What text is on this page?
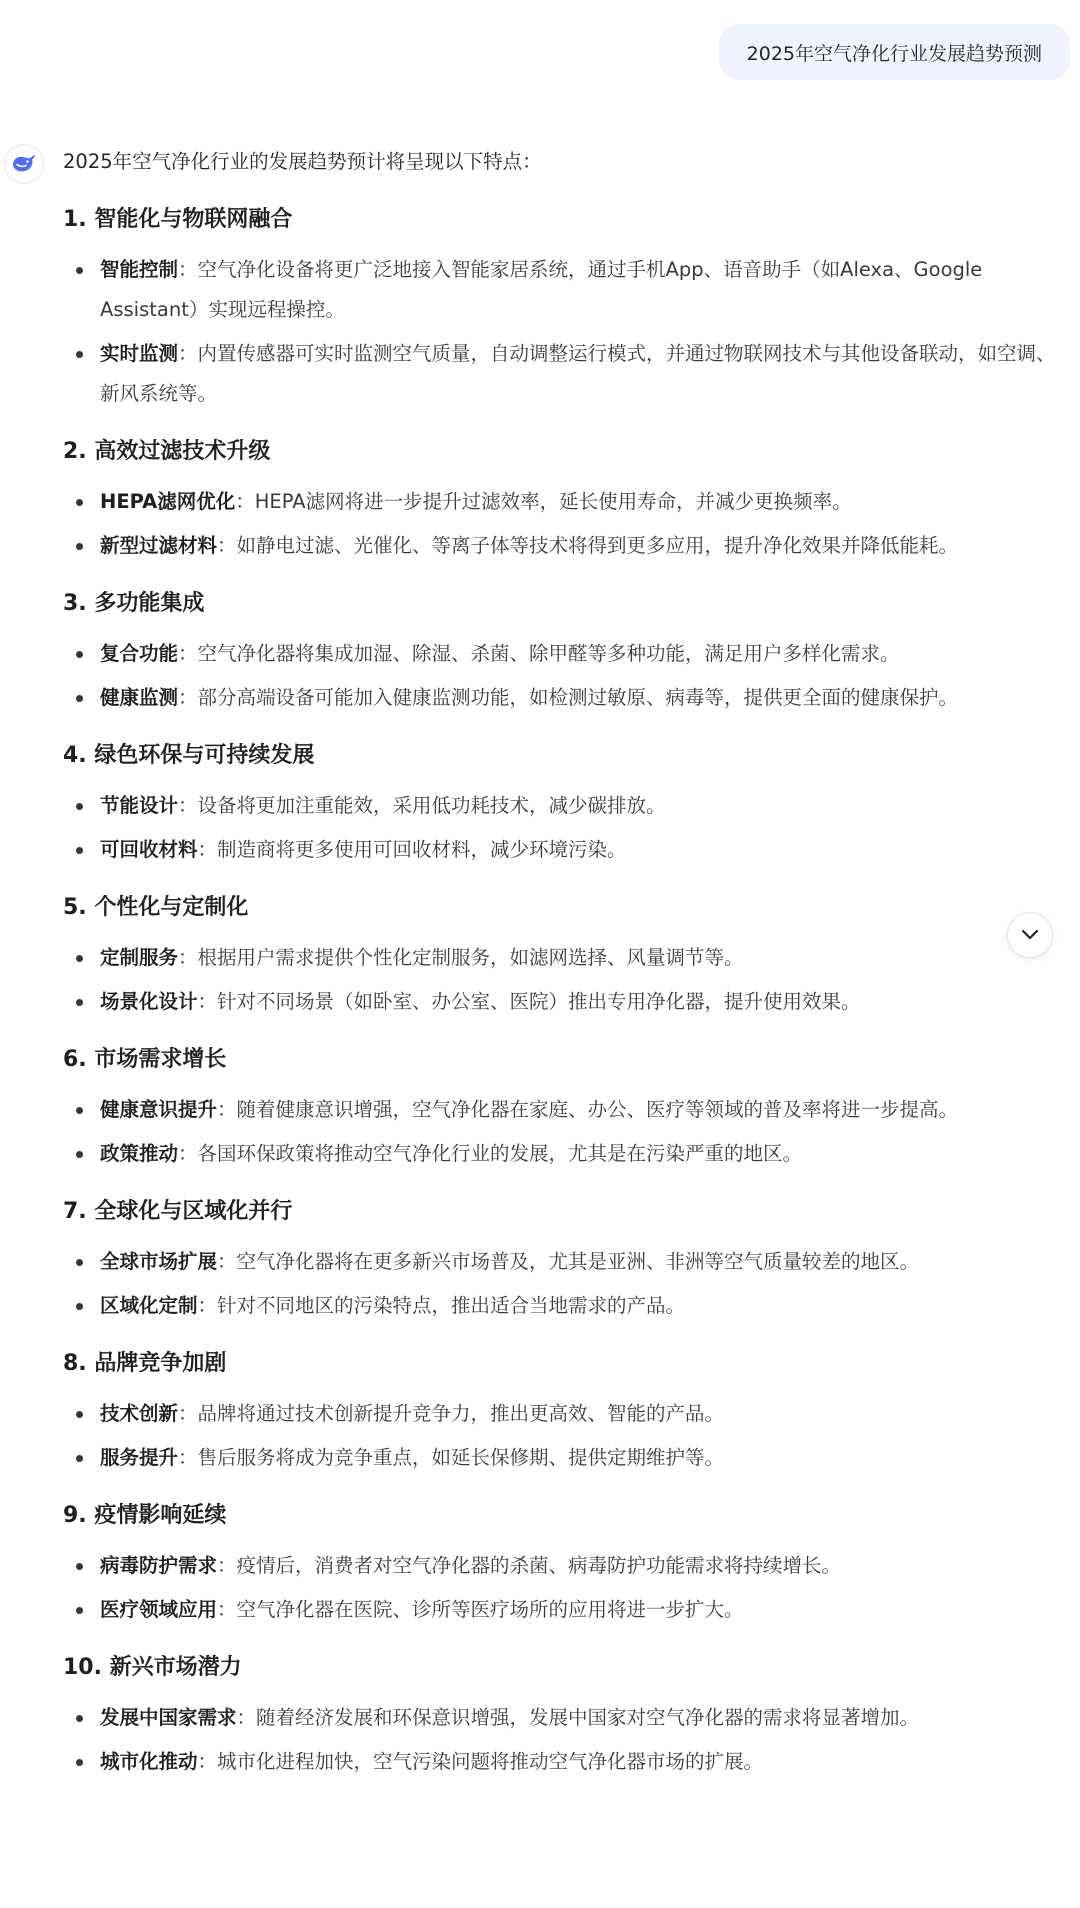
2025年空气净化行业发展趋势预测
2025年空气净化行业的发展趋势预计将呈现以下特点：
1. 智能化与物联网融合
智能控制：空气净化设备将更广泛地接入智能家居系统，通过手机App、语音助手（如Alexa、Google Assistant）实现远程操控。
实时监测：内置传感器可实时监测空气质量，自动调整运行模式，并通过物联网技术与其他设备联动，如空调、新风系统等。
2. 高效过滤技术升级
HEPA滤网优化：HEPA滤网将进一步提升过滤效率，延长使用寿命，并减少更换频率。
新型过滤材料：如静电过滤、光催化、等离子体等技术将得到更多应用，提升净化效果并降低能耗。
3. 多功能集成
复合功能：空气净化器将集成加湿、除湿、杀菌、除甲醛等多种功能，满足用户多样化需求。
健康监测：部分高端设备可能加入健康监测功能，如检测过敏原、病毒等，提供更全面的健康保护。
4. 绿色环保与可持续发展
节能设计：设备将更加注重能效，采用低功耗技术，减少碳排放。
可回收材料：制造商将更多使用可回收材料，减少环境污染。
5. 个性化与定制化
定制服务：根据用户需求提供个性化定制服务，如滤网选择、风量调节等。
场景化设计：针对不同场景（如卧室、办公室、医院）推出专用净化器，提升使用效果。
6. 市场需求增长
健康意识提升：随着健康意识增强，空气净化器在家庭、办公、医疗等领域的普及率将进一步提高。
政策推动：各国环保政策将推动空气净化行业的发展，尤其是在污染严重的地区。
7. 全球化与区域化并行
全球市场扩展：空气净化器将在更多新兴市场普及，尤其是亚洲、非洲等空气质量较差的地区。
区域化定制：针对不同地区的污染特点，推出适合当地需求的产品。
8. 品牌竞争加剧
技术创新：品牌将通过技术创新提升竞争力，推出更高效、智能的产品。
服务提升：售后服务将成为竞争重点，如延长保修期、提供定期维护等。
9. 疫情影响延续
病毒防护需求：疫情后，消费者对空气净化器的杀菌、病毒防护功能需求将持续增长。
医疗领域应用：空气净化器在医院、诊所等医疗场所的应用将进一步扩大。
10. 新兴市场潜力
发展中国家需求：随着经济发展和环保意识增强，发展中国家对空气净化器的需求将显著增加。
城市化推动：城市化进程加快，空气污染问题将推动空气净化器市场的扩展。
